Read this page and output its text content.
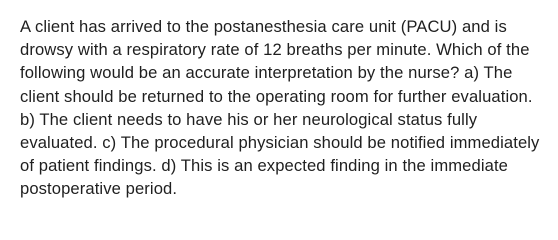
A client has arrived to the postanesthesia care unit (PACU) and is drowsy with a respiratory rate of 12 breaths per minute. Which of the following would be an accurate interpretation by the nurse? a) The client should be returned to the operating room for further evaluation. b) The client needs to have his or her neurological status fully evaluated. c) The procedural physician should be notified immediately of patient findings. d) This is an expected finding in the immediate postoperative period.
